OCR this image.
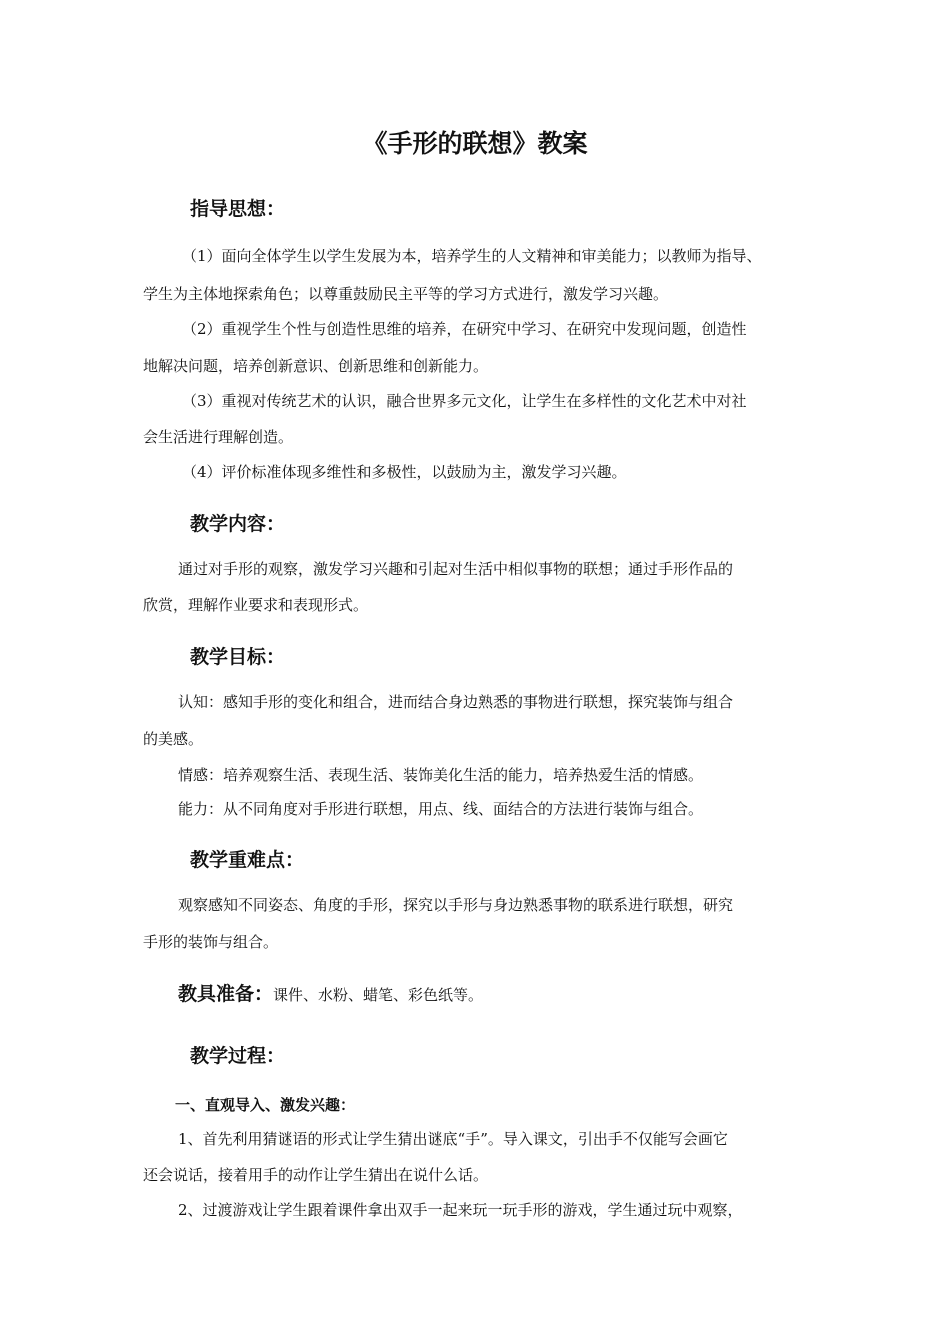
《手形的联想》教案
指导思想：
（1）面向全体学生以学生发展为本，培养学生的人文精神和审美能力；以教师为指导、
学生为主体地探索角色；以尊重鼓励民主平等的学习方式进行，激发学习兴趣。
（2）重视学生个性与创造性思维的培养，在研究中学习、在研究中发现问题，创造性
地解决问题，培养创新意识、创新思维和创新能力。
（3）重视对传统艺术的认识，融合世界多元文化，让学生在多样性的文化艺术中对社
会生活进行理解创造。
（4）评价标准体现多维性和多极性，以鼓励为主，激发学习兴趣。
教学内容：
通过对手形的观察，激发学习兴趣和引起对生活中相似事物的联想；通过手形作品的
欣赏，理解作业要求和表现形式。
教学目标：
认知：感知手形的变化和组合，进而结合身边熟悉的事物进行联想，探究装饰与组合
的美感。
情感：培养观察生活、表现生活、装饰美化生活的能力，培养热爱生活的情感。
能力：从不同角度对手形进行联想，用点、线、面结合的方法进行装饰与组合。
教学重难点：
观察感知不同姿态、角度的手形，探究以手形与身边熟悉事物的联系进行联想，研究
手形的装饰与组合。
教具准备：课件、水粉、蜡笔、彩色纸等。
教学过程：
一、直观导入、激发兴趣：
1、首先利用猜谜语的形式让学生猜出谜底“手”。导入课文，引出手不仅能写会画它
还会说话，接着用手的动作让学生猜出在说什么话。
2、过渡游戏让学生跟着课件拿出双手一起来玩一玩手形的游戏，学生通过玩中观察，
